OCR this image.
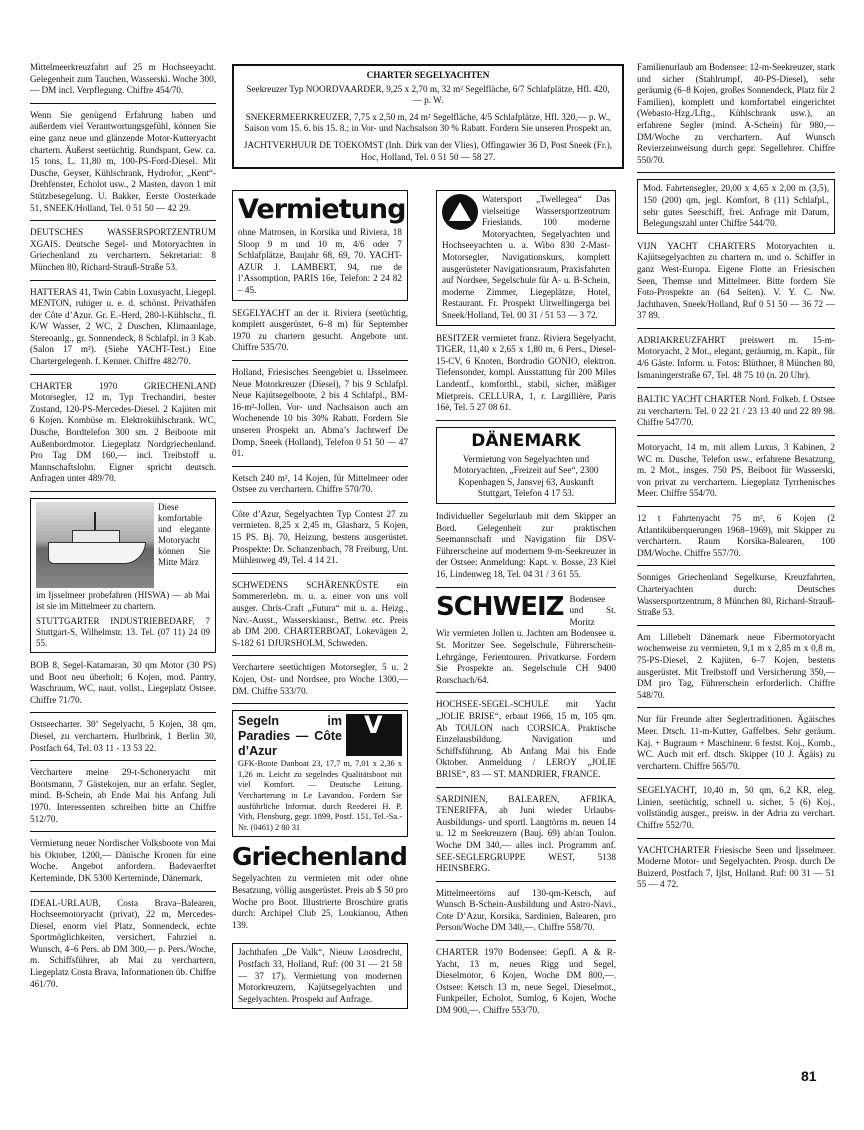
CHARTER SEGELYACHTEN

Seekreuzer Typ NOORDVAARDER, 9,25 x 2,70 m, 32 m² Segelfläche, 6/7 Schlafplätze, Hfl. 420,— p. W.

SNEKERMEERKREUZER, 7,75 x 2,50 m, 24 m² Segelfläche, 4/5 Schlafplätze, Hfl. 320,— p. W., Saison vom 15. 6. bis 15. 8.; in Vor- und Nachsalson 30 % Rabatt. Fordern Sie unseren Prospekt an.

JACHTVERHUUR DE TOEKOMST (Inh. Dirk van der Vlies), Offingawier 36 D, Post Sneek (Fr.), Hoc, Holland, Tel. 0 51 50 — 58 27.

Mittelmeerkreuzfahrt auf 25 m Hochseeyacht. Gelegenheit zum Tauchen, Wasserski. Woche 300,— DM incl. Verpflegung. Chiffre 454/70.
Wenn Sie genügend Erfahrung haben und außerdem viel Verantwortungsgefühl, können Sie eine ganz neue und glänzende Motor-Kutteryacht chartern. Äußerst seetüchtig. Rundspant, Gew. ca. 15 tons, L. 11,80 m, 100-PS-Ford-Diesel. Mit Dusche, Geyser, Kühlschrank, Hydrofor, „Kent“-Drehfenster, Echolot usw., 2 Masten, davon 1 mit Stützbesegelung. U. Bakker, Eerste Oosterkade 51, SNEEK/Holland, Tel. 0 51 50 — 42 29.
DEUTSCHES WASSERSPORTZENTRUM XGAIS. Deutsche Segel- und Motoryachten in Griechenland zu verchartern. Sekretariat: 8 München 80, Richard-Strauß-Straße 53.
HATTERAS 41, Twin Cabin Luxusyacht, Liegepl. MENTON, ruhiger u. e. d. schönst. Privathäfen der Côte d’Azur. Gr. E.-Herd, 280-l-Kühlschr., fl. K/W Wasser, 2 WC, 2 Duschen, Klimaanlage, Stereoanlg., gr. Sonnendeck, 8 Schlafpl. in 3 Kab. (Salon 17 m²). (Siehe YACHT-Test.) Eine Chartergelegenh. f. Kenner. Chiffre 482/70.
CHARTER 1970 GRIECHENLAND Motorsegler, 12 m, Typ Trechandiri, bester Zustand, 120-PS-Mercedes-Diesel. 2 Kajüten mit 6 Kojen. Kombüse m. Elektrokühlschrank. WC, Dusche, Bordtelefon 300 sm. 2 Beiboote mit Außenbordmotor. Liegeplatz Nordgriechenland. Pro Tag DM 160,— incl. Treibstoff u. Mannschaftslohn. Eigner spricht deutsch. Anfragen unter 489/70.
Diese komfortable und elegante Motoryacht können Sie Mitte März
im Ijsselmeer probefahren (HISWA) — ab Mai ist sie im Mittelmeer zu chartern.
STUTTGARTER INDUSTRIEBEDARF, 7 Stuttgart-S, Wilhelmstr. 13. Tel. (07 11) 24 09 55.
BOB 8, Segel-Katamaran, 30 qm Motor (30 PS) und Boot neu überholt; 6 Kojen, mod. Pantry, Waschraum, WC, naut. vollst., Liegeplatz Ostsee. Chiffre 71/70.
Ostseecharter. 30’ Segelyacht, 5 Kojen, 38 qm, Diesel, zu verchartern. Hurlbrink, 1 Berlin 30, Postfach 64, Tel. 03 11 - 13 53 22.
Verchartere meine 29-t-Schoneryacht mit Bootsmann, 7 Gästekojen, nur an erfahr. Segler, mind. B-Schein, ab Ende Mai bis Anfang Juli 1970. Interessenten schreiben bitte an Chiffre 512/70.
Vermietung neuer Nordischer Volksboote von Mai bis Oktober, 1200,— Dänische Kronen für eine Woche. Angebot anfordern. Badevaerftet Kerteminde, DK 5300 Kerteminde, Dänemark.
IDEAL-URLAUB, Costa Brava–Balearen, Hochseemotoryacht (privat), 22 m, Mercedes-Diesel, enorm viel Platz, Sonnendeck, echte Sportmöglichkeiten, versichert, Fahrziel n. Wunsch, 4–6 Pers. ab DM 300,— p. Pers./Woche, m. Schiffsführer, ab Mai zu verchartern, Liegeplatz Costa Brava, Informationen üb. Chiffre 461/70.
Vermietung
ohne Matrosen, in Korsika und Riviera, 18 Sloop 9 m und 10 m, 4/6 oder 7 Schlafplätze, Baujahr 68, 69, 70. YACHT-AZUR J. LAMBERT, 94, rue de l’Assomption, PARIS 16e, Telefon: 2 24 82 – 45.
SEGELYACHT an der it. Riviera (seetüchtig, komplett ausgerüstet, 6–8 m) für September 1970 zu chartern gesucht. Angebote unt. Chiffre 535/70.
Holland, Friesisches Seengebiet u. IJsselmeer. Neue Motorkreuzer (Diesel), 7 bis 9 Schlafpl. Neue Kajütsegelboote, 2 bis 4 Schlafpl., BM-16-m²-Jollen. Vor- und Nachsaison auch am Wochenende 10 bis 30% Rabatt. Fordern Sie unseren Prospekt an. Abma’s Jachtwerf De Domp, Sneek (Holland), Telefon 0 51 50 — 47 01.
Ketsch 240 m², 14 Kojen, für Mittelmeer oder Ostsee zu verchartern. Chiffre 570/70.
Côte d’Azur, Segelyachten Typ Contest 27 zu vermieten. 8,25 x 2,45 m, Glasharz, 5 Kojen, 15 PS. Bj. 70, Heizung, bestens ausgerüstet. Prospekte: Dr. Schanzenbach, 78 Freiburg, Unt. Mühlenweg 49, Tel. 4 14 21.
SCHWEDENS SCHÄRENKÜSTE ein Sommererlebn. m. u. a. einer von uns voll ausger. Chris-Craft „Futura“ mit u. a. Heizg., Nav.-Ausst., Wasserskiausr., Bettw. etc. Preis ab DM 200. CHARTERBOAT, Lokevägen 2, S-182 61 DJURSHOLM, Schweden.
Verchartere seetüchtigen Motorsegler, 5 u. 2 Kojen, Ost- und Nordsee, pro Woche 1300,— DM. Chiffre 533/70.
V
Segeln im Paradies — Côte d’Azur
GFK-Boote Danboat 23, 17,7 m, 7,01 x 2,36 x 1,26 m. Leicht zu segelndes Qualitätsboot mit viel Komfort. — Deutsche Leitung. Vercharterung in Le Lavandou. Fordern Sie ausführliche Informat. durch Reederei H. P. Vith, Flensburg, gegr. 1899, Postf. 151, Tel.-Sa.-Nr. (0461) 2 80 31
Griechenland
Segelyachten zu vermieten mit oder ohne Besatzung, völlig ausgerüstet. Preis ab $ 50 pro Woche pro Boot. Illustrierte Broschüre gratis durch: Archipel Club 25, Loukianou, Athen 139.
Jachthafen „De Valk“, Nieuw Loosdrecht, Postfach 33, Holland, Ruf: (00 31 — 21 58 — 37 17). Vermietung von modernen Motorkreuzern, Kajütsegelyachten und Segelyachten. Prospekt auf Anfrage.
Watersport „Twellegea“ Das vielseitige Wassersportzentrum Frieslands. 100 moderne Motoryachten, Segelyachten und Hochseeyachten u. a. Wibo 830 2-Mast-Motorsegler, Navigationskurs, komplett ausgerüsteter Navigationsraum, Praxisfahrten auf Nordsee, Segelschule für A- u. B-Schein, moderne Zimmer, Liegeplätze, Hotel, Restaurant. Fr. Prospekt Uitwellingerga bei Sneek/Holland, Tel. 00 31 / 51 53 — 3 72.
BESITZER vermietet franz. Riviera Segelyacht, TIGER, 11,40 x 2,65 x 1,80 m, 6 Pers., Diesel-15-CV, 6 Knoten, Bordradio GONIO, elektron. Tiefensonder, kompl. Ausstattung für 200 Miles Landentf., komfortbl., stabil, sicher, mäßiger Mietpreis. CELLURA, 1, r. Largillière, Paris 16è, Tel. 5 27 08 61.
DÄNEMARK
Vermietung von Segelyachten und Motoryachten, „Freizeit auf See“, 2300 Kopenhagen S, Jansvej 63, Auskunft Stuttgart, Telefon 4 17 53.
Individueller Segelurlaub mit dem Skipper an Bord. Gelegenheit zur praktischen Seemannschaft und Navigation für DSV-Führerscheine auf modernem 9-m-Seekreuzer in der Ostsee: Anmeldung: Kapt. v. Bosse, 23 Kiel 16, Lindenweg 18, Tel. 04 31 / 3 61 55.
SCHWEIZ Bodensee und St. Moritz
Wir vermieten Jollen u. Jachten am Bodensee u. St. Moritzer See. Segelschule, Führerschein-Lehrgänge, Ferientouren. Privatkurse. Fordern Sie Prospekte an. Segelschule CH 9400 Rorschach/64.
HOCHSEE-SEGEL-SCHULE mit Yacht „JOLIE BRISE“, erbaut 1966, 15 m, 105 qm. Ab TOULON nach CORSICA. Praktische Einzelausbildung. Navigation und Schiffsführung. Ab Anfang Mai bis Ende Oktober. Anmeldung / LEROY „JOLIE BRISE“, 83 — ST. MANDRIER, FRANCE.
SARDINIEN, BALEAREN, AFRIKA, TENERIFFA, ab Juni wieder Urlaubs-Ausbildungs- und sportl. Langtörns m. neuen 14 u. 12 m Seekreuzern (Bauj. 69) ab/an Toulon. Woche DM 340,— alles incl. Programm anf. SEE-SEGLERGRUPPE WEST, 5138 HEINSBERG.
Mittelmeertörns auf 130-qm-Ketsch, auf Wunsch B-Schein-Ausbildung und Astro-Navi., Cote D’Azur, Korsika, Sardinien, Balearen, pro Person/Woche DM 340,—. Chiffre 558/70.
CHARTER 1970 Bodensee: Gepfl. A & R-Yacht, 13 m, neues Rigg und Segel, Dieselmotor, 6 Kojen, Woche DM 800,—. Ostsee: Ketsch 13 m, neue Segel, Dieselmot., Funkpeiler, Echolot, Sumlog, 6 Kojen, Woche DM 900,—. Chiffre 553/70.
Familienurlaub am Bodensee: 12-m-Seekreuzer, stark und sicher (Stahlrumpf, 40-PS-Diesel), sehr geräumig (6–8 Kojen, großes Sonnendeck, Platz für 2 Familien), komplett und komfortabel eingerichtet (Webasto-Hzg./Lftg., Kühlschrank usw.), an erfahrene Segler (mind. A-Schein) für 980,— DM/Woche zu verchartern. Auf Wunsch Revierzeinweisung durch gepr. Segellehrer. Chiffre 550/70.
Mod. Fahrtensegler, 20,00 x 4,65 x 2,00 m (3,5), 150 (200) qm, jegl. Komfort, 8 (11) Schlafpl., sehr gutes Seeschiff, frei. Anfrage mit Datum, Belegungszahl unter Chiffre 544/70.
VIJN YACHT CHARTERS Motoryachten u. Kajütsegelyachten zu chartern m. und o. Schiffer in ganz West-Europa. Eigene Flotte an Friesischen Seen, Themse und Mittelmeer. Bitte fordern Sie Foto-Prospekte an (64 Seiten). V. Y. C. Nw. Jachthaven, Sneek/Holland, Ruf 0 51 50 — 36 72 — 37 89.
ADRIAKREUZFAHRT preiswert m. 15-m-Motoryacht, 2 Mot., elegant, geräumig, m. Kapit., für 4/6 Gäste. Inform. u. Fotos: Blüthner, 8 München 80, Ismaningerstraße 67, Tel. 48 75 10 (n. 20 Uhr).
BALTIC YACHT CHARTER Nord. Folkeb. f. Ostsee zu verchartern. Tel. 0 22 21 / 23 13 40 und 22 89 98. Chiffre 547/70.
Motoryacht, 14 m, mit allem Luxus, 3 Kabinen, 2 WC m. Dusche, Telefon usw., erfahrene Besatzung, m. 2 Mot., insges. 750 PS, Beiboot für Wasserski, von privat zu verchartern. Liegeplatz Tyrrhenisches Meer. Chiffre 554/70.
12 t Fahrtenyacht 75 m², 6 Kojen (2 Atlantiküberquerungen 1968–1969), mit Skipper zu verchartern. Raum Korsika-Balearen, 100 DM/Woche. Chiffre 557/70.
Sonniges Griechenland Segelkurse, Kreuzfahrten, Charteryachten durch: Deutsches Wassersportzentrum, 8 München 80, Richard-Strauß-Straße 53.
Am Lillebelt Dänemark neue Fibermotoryacht wochenweise zu vermieten, 9,1 m x 2,85 m x 0,8 m, 75-PS-Diesel, 2 Kajüten, 6–7 Kojen, bestens ausgerüstet. Mit Treibstoff und Versicherung 350,— DM pro Tag, Führerschein erforderlich. Chiffre 548/70.
Nur für Freunde alter Seglertraditionen. Ägäisches Meer. Dtsch. 11-m-Kutter, Gaffelbes. Sehr geräum. Kaj. + Bugraum + Maschinenr. 6 festst. Koj., Komb., WC. Auch mit erf. dtsch. Skipper (10 J. Ägäis) zu verchartern. Chiffre 565/70.
SEGELYACHT, 10,40 m, 50 qm, 6,2 KR, eleg. Linien, seetüchtig, schnell u. sicher, 5 (6) Koj., vollständig ausger., preisw. in der Adria zu verchart. Chiffre 552/70.
YACHTCHARTER Friesische Seen und Ijsselmeer. Moderne Motor- und Segelyachten. Prosp. durch De Buizerd, Postfach 7, Ijlst, Holland. Ruf: 00 31 — 51 55 — 4 72.
81
